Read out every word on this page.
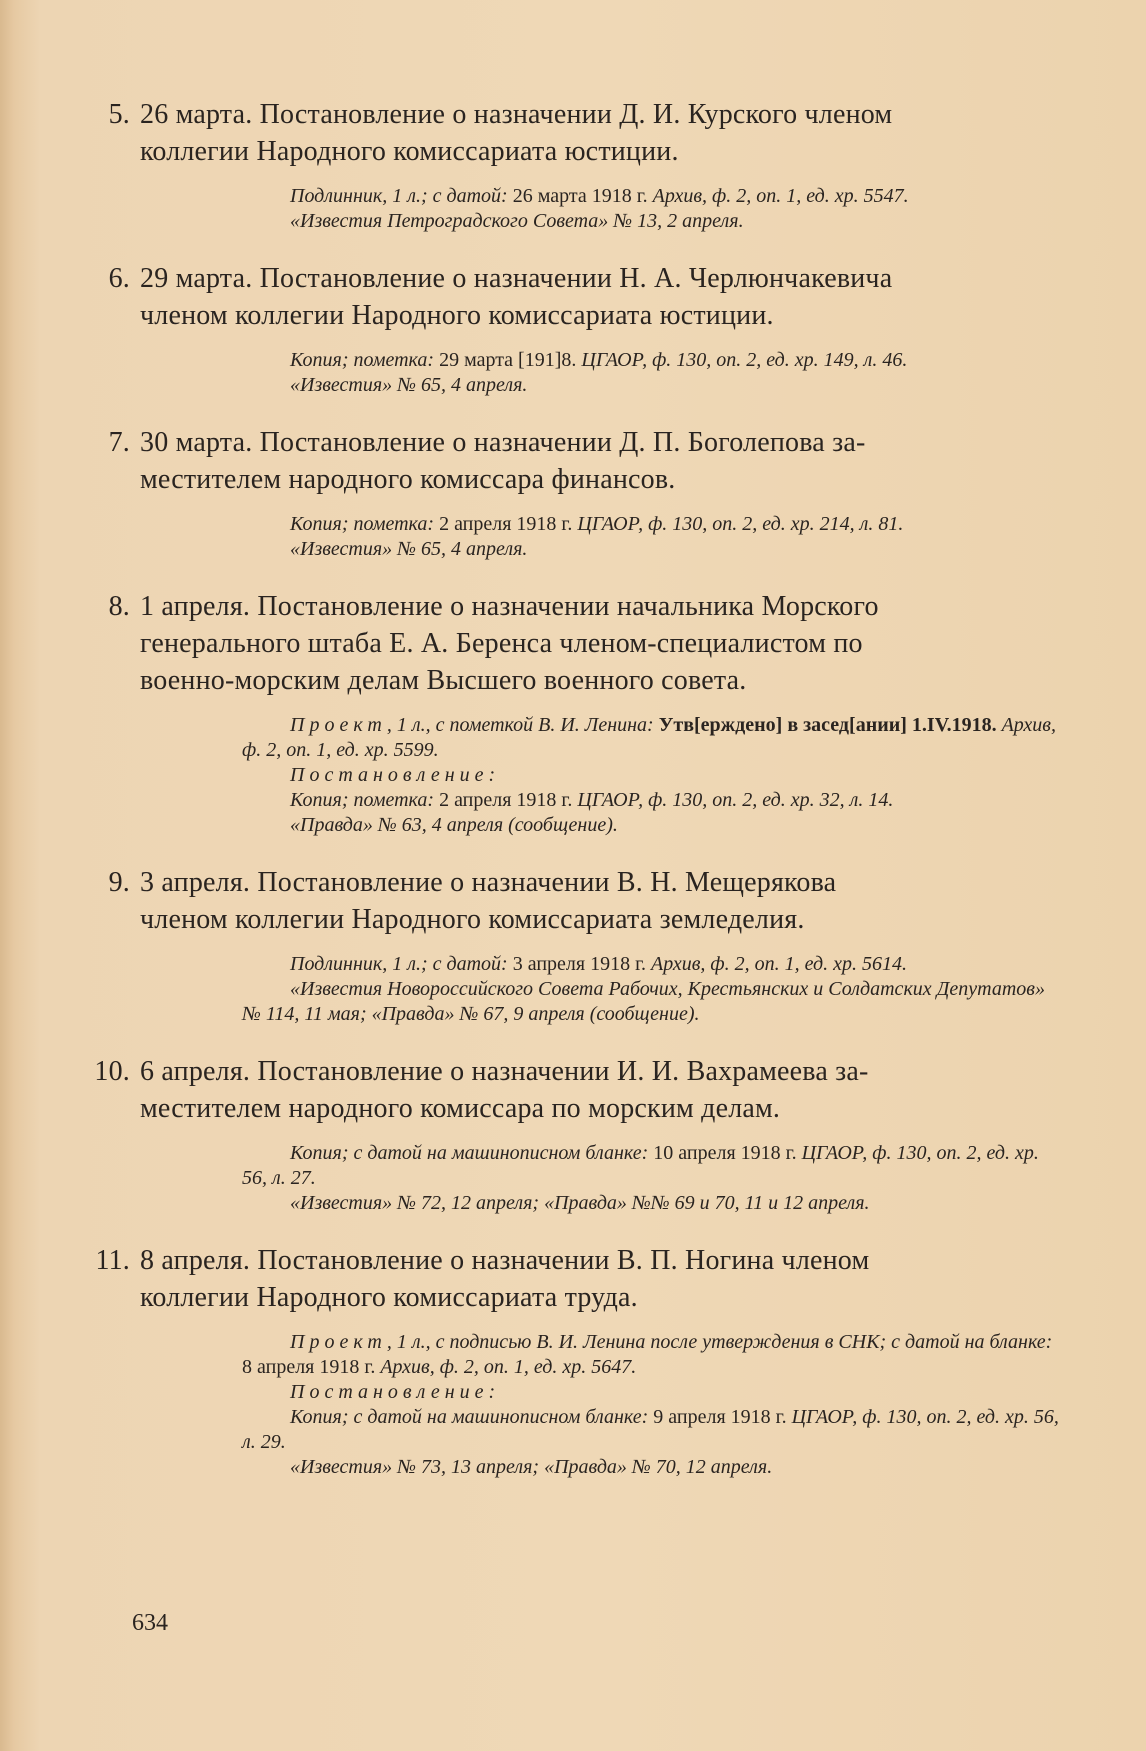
5. 26 марта. Постановление о назначении Д. И. Курского членом
коллегии Народного комиссариата юстиции.
Подлинник, 1 л.; с датой: 26 марта 1918 г. Архив, ф. 2, оп. 1, ед. хр. 5547.
«Известия Петроградского Совета» № 13, 2 апреля.
6. 29 марта. Постановление о назначении Н. А. Черлюнчакевича
членом коллегии Народного комиссариата юстиции.
Копия; пометка: 29 марта [191]8. ЦГАОР, ф. 130, оп. 2, ед. хр. 149, л. 46.
«Известия» № 65, 4 апреля.
7. 30 марта. Постановление о назначении Д. П. Боголепова за-
местителем народного комиссара финансов.
Копия; пометка: 2 апреля 1918 г. ЦГАОР, ф. 130, оп. 2, ед. хр. 214, л. 81.
«Известия» № 65, 4 апреля.
8. 1 апреля. Постановление о назначении начальника Морского
генерального штаба Е. А. Беренса членом-специалистом по
военно-морским делам Высшего военного совета.
Проект, 1 л., с пометкой В. И. Ленина: Утв[ерждено] в засед[ании] 1.IV.1918. Архив, ф. 2, оп. 1, ед. хр. 5599.
Постановление:
Копия; пометка: 2 апреля 1918 г. ЦГАОР, ф. 130, оп. 2, ед. хр. 32, л. 14.
«Правда» № 63, 4 апреля (сообщение).
9. 3 апреля. Постановление о назначении В. Н. Мещерякова
членом коллегии Народного комиссариата земледелия.
Подлинник, 1 л.; с датой: 3 апреля 1918 г. Архив, ф. 2, оп. 1, ед. хр. 5614.
«Известия Новороссийского Совета Рабочих, Крестьянских и Солдатских Депутатов» № 114, 11 мая; «Правда» № 67, 9 апреля (сообщение).
10. 6 апреля. Постановление о назначении И. И. Вахрамеева за-
местителем народного комиссара по морским делам.
Копия; с датой на машинописном бланке: 10 апреля 1918 г. ЦГАОР, ф. 130, оп. 2, ед. хр. 56, л. 27.
«Известия» № 72, 12 апреля; «Правда» №№ 69 и 70, 11 и 12 апреля.
11. 8 апреля. Постановление о назначении В. П. Ногина членом
коллегии Народного комиссариата труда.
Проект, 1 л., с подписью В. И. Ленина после утверждения в СНК; с датой на бланке: 8 апреля 1918 г. Архив, ф. 2, оп. 1, ед. хр. 5647.
Постановление:
Копия; с датой на машинописном бланке: 9 апреля 1918 г. ЦГАОР, ф. 130, оп. 2, ед. хр. 56, л. 29.
«Известия» № 73, 13 апреля; «Правда» № 70, 12 апреля.
634
